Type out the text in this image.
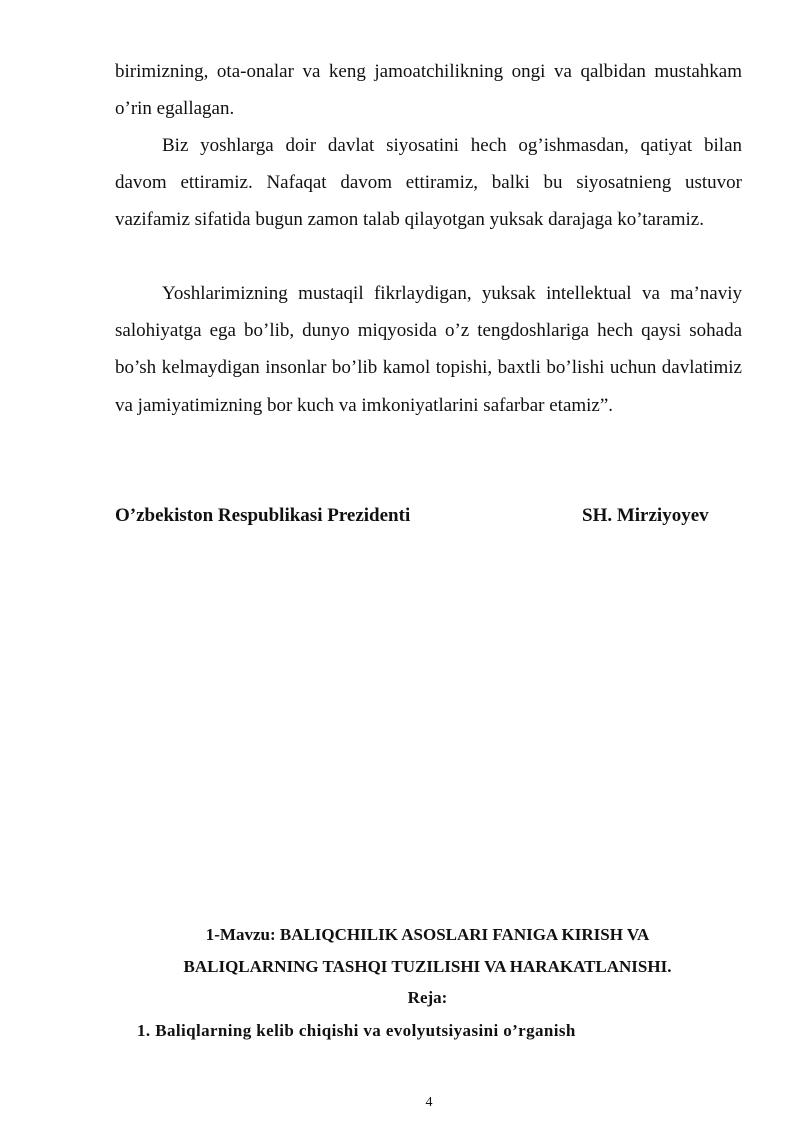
birimizning, ota-onalar va keng jamoatchilikning ongi va qalbidan mustahkam o’rin egallagan.

Biz yoshlarga doir davlat siyosatini hech og’ishmasdan, qatiyat bilan davom ettiramiz. Nafaqat davom ettiramiz, balki bu siyosatnieng ustuvor vazifamiz sifatida bugun zamon talab qilayotgan yuksak darajaga ko’taramiz.

Yoshlarimizning mustaqil fikrlaydigan, yuksak intellektual va ma’naviy salohiyatga ega bo’lib, dunyo miqyosida o’z tengdoshlariga hech qaysi sohada bo’sh kelmaydigan insonlar bo’lib kamol topishi, baxtli bo’lishi uchun davlatimiz va jamiyatimizning bor kuch va imkoniyatlarini safarbar etamiz”.

O’zbekiston Respublikasi Prezidenti	SH. Mirziyoyev

1-Mavzu: BALIQCHILIK ASOSLARI FANIGA KIRISH VA

BALIQLARNING TASHQI TUZILISHI VA HARAKATLANISHI.

Reja:
1. Baliqlarning kelib chiqishi va evolyutsiyasini o’rganish
4
